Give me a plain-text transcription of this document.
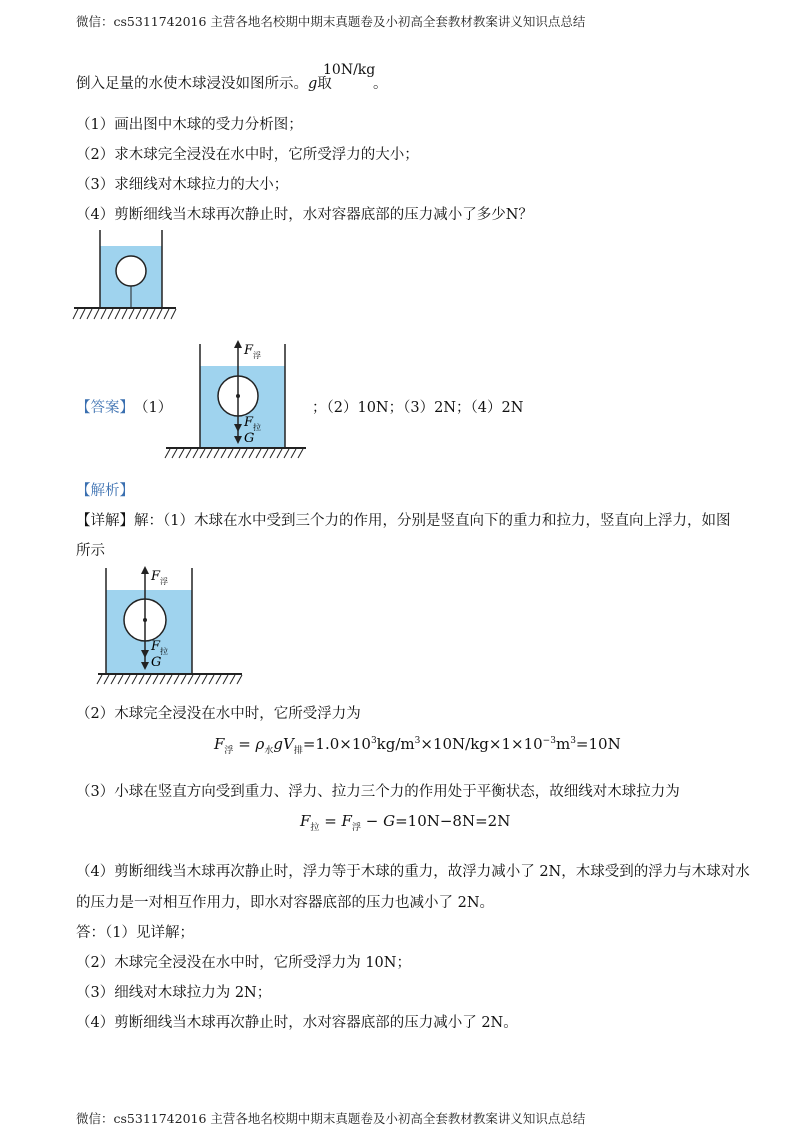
微信：cs5311742016 主营各地名校期中期末真题卷及小初高全套教材教案讲义知识点总结
倒入足量的水使木球浸没如图所示。g取
10N/kg
。
（1）画出图中木球的受力分析图；
（2）求木球完全浸没在水中时，它所受浮力的大小；
（3）求细线对木球拉力的大小；
（4）剪断细线当木球再次静止时，水对容器底部的压力减小了多少N？
【答案】 （1）
F 浮
F 拉
G
；（2）10N；（3）2N；（4）2N
【解析】
【详解】解：（1）木球在水中受到三个力的作用，分别是竖直向下的重力和拉力，竖直向上浮力，如图
所示
F 浮
F 拉
G
（2）木球完全浸没在水中时，它所受浮力为
$F_浮 = \rho_水gV_排=1.0\times 10^3kg/m^3\times 10N/kg\times 1\times 10^{-3}m^3=10N$
（3）小球在竖直方向受到重力、浮力、拉力三个力的作用处于平衡状态，故细线对木球拉力为
$F_拉 = F_浮 - G=10N-8N=2N$
（4）剪断细线当木球再次静止时，浮力等于木球的重力，故浮力减小了 2N，木球受到的浮力与木球对水
的压力是一对相互作用力，即水对容器底部的压力也减小了 2N。
答：（1）见详解；
（2）木球完全浸没在水中时，它所受浮力为 10N；
（3）细线对木球拉力为 2N；
（4）剪断细线当木球再次静止时，水对容器底部的压力减小了 2N。
微信：cs5311742016 主营各地名校期中期末真题卷及小初高全套教材教案讲义知识点总结
